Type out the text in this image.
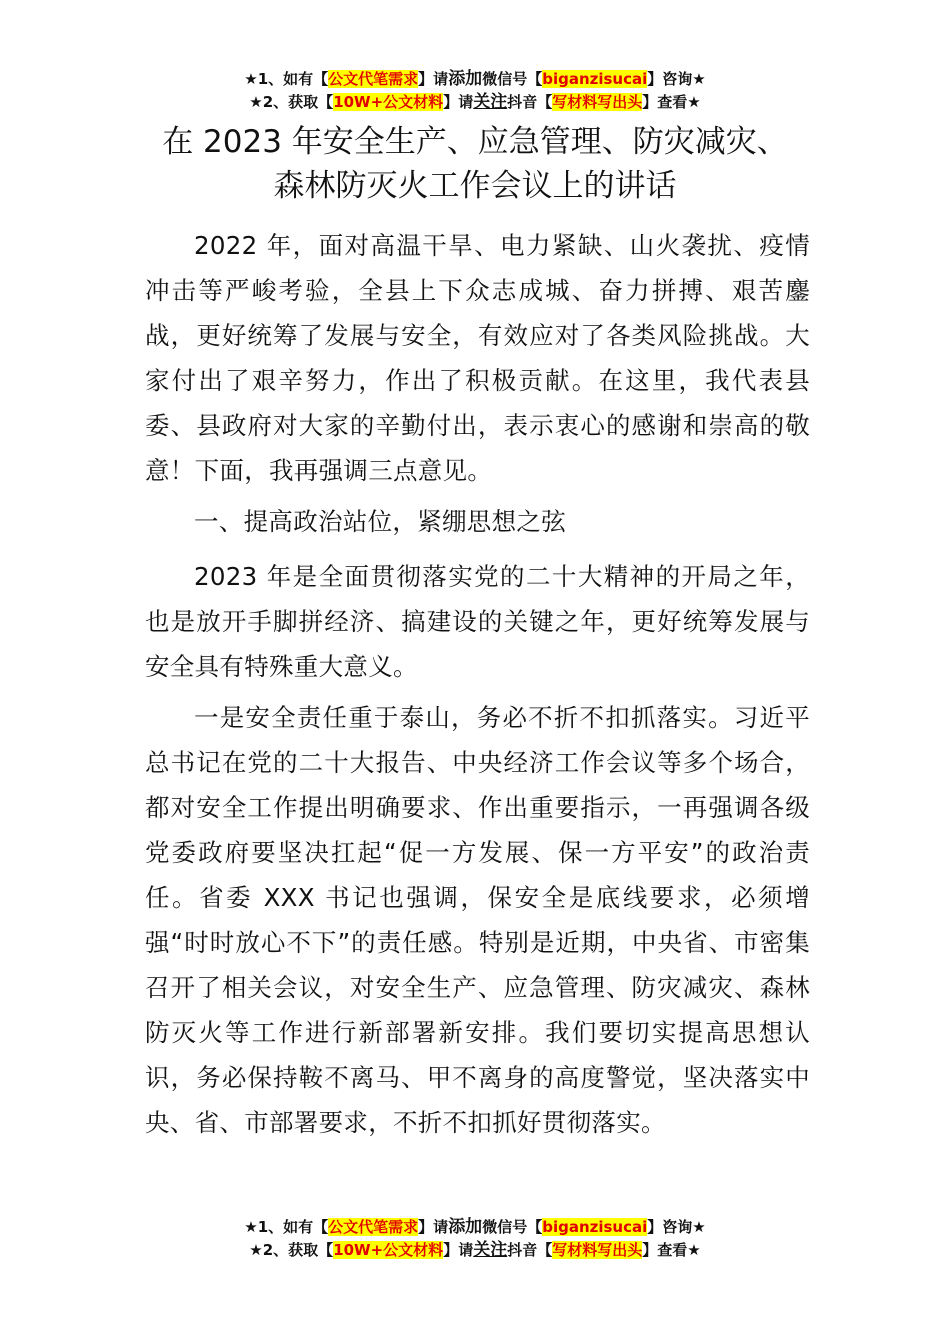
★1、如有【公文代笔需求】请添加微信号【biganzisucai】咨询★
★2、获取【10W+公文材料】请关注抖音【写材料写出头】查看★
在 2023 年安全生产、应急管理、防灾减灾、
森林防灭火工作会议上的讲话

2022 年，面对高温干旱、电力紧缺、山火袭扰、疫情冲击等严峻考验，全县上下众志成城、奋力拼搏、艰苦鏖战，更好统筹了发展与安全，有效应对了各类风险挑战。大家付出了艰辛努力，作出了积极贡献。在这里，我代表县委、县政府对大家的辛勤付出，表示衷心的感谢和崇高的敬意！下面，我再强调三点意见。

一、提高政治站位，紧绷思想之弦

2023 年是全面贯彻落实党的二十大精神的开局之年，也是放开手脚拼经济、搞建设的关键之年，更好统筹发展与安全具有特殊重大意义。

一是安全责任重于泰山，务必不折不扣抓落实。习近平总书记在党的二十大报告、中央经济工作会议等多个场合，都对安全工作提出明确要求、作出重要指示，一再强调各级党委政府要坚决扛起“促一方发展、保一方平安”的政治责任。省委 XXX 书记也强调，保安全是底线要求，必须增强“时时放心不下”的责任感。特别是近期，中央省、市密集召开了相关会议，对安全生产、应急管理、防灾减灾、森林防灭火等工作进行新部署新安排。我们要切实提高思想认识，务必保持鞍不离马、甲不离身的高度警觉，坚决落实中央、省、市部署要求，不折不扣抓好贯彻落实。

★1、如有【公文代笔需求】请添加微信号【biganzisucai】咨询★
★2、获取【10W+公文材料】请关注抖音【写材料写出头】查看★
